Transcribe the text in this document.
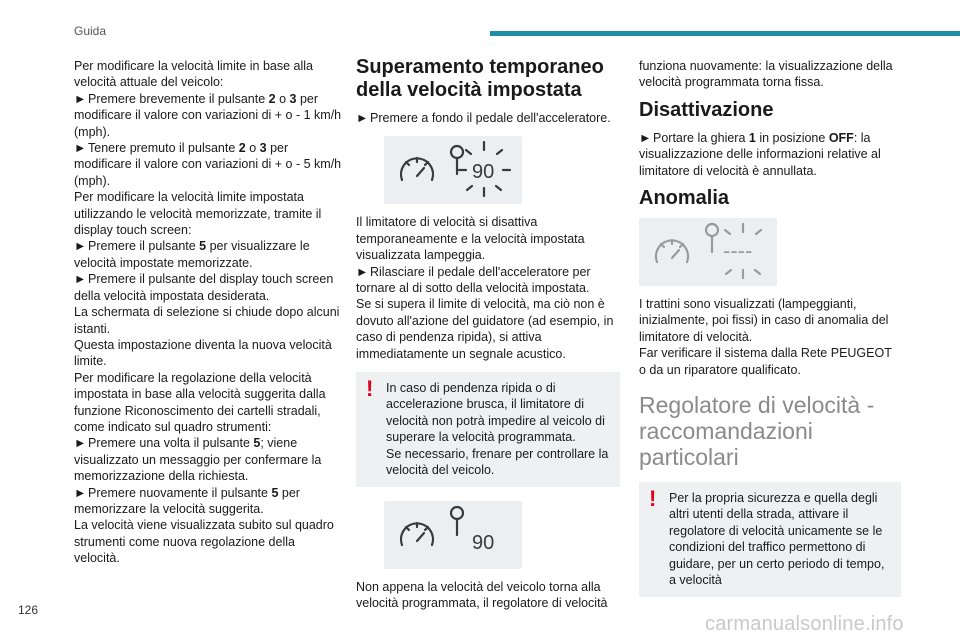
Guida

Per modificare la velocità limite in base alla velocità attuale del veicolo:

► Premere brevemente il pulsante 2 o 3 per modificare il valore con variazioni di + o - 1 km/h (mph).

► Tenere premuto il pulsante 2 o 3 per modificare il valore con variazioni di + o - 5 km/h (mph).

Per modificare la velocità limite impostata utilizzando le velocità memorizzate, tramite il display touch screen:

► Premere il pulsante 5 per visualizzare le velocità impostate memorizzate.

► Premere il pulsante del display touch screen della velocità impostata desiderata.

La schermata di selezione si chiude dopo alcuni istanti.

Questa impostazione diventa la nuova velocità limite.

Per modificare la regolazione della velocità impostata in base alla velocità suggerita dalla funzione Riconoscimento dei cartelli stradali, come indicato sul quadro strumenti:

► Premere una volta il pulsante 5; viene visualizzato un messaggio per confermare la memorizzazione della richiesta.

► Premere nuovamente il pulsante 5 per memorizzare la velocità suggerita.

La velocità viene visualizzata subito sul quadro strumenti come nuova regolazione della velocità.

Superamento temporaneo della velocità impostata

► Premere a fondo il pedale dell'acceleratore.

90

Il limitatore di velocità si disattiva temporaneamente e la velocità impostata visualizzata lampeggia.

► Rilasciare il pedale dell'acceleratore per tornare al di sotto della velocità impostata.

Se si supera il limite di velocità, ma ciò non è dovuto all'azione del guidatore (ad esempio, in caso di pendenza ripida), si attiva immediatamente un segnale acustico.

! In caso di pendenza ripida o di accelerazione brusca, il limitatore di velocità non potrà impedire al veicolo di superare la velocità programmata.

Se necessario, frenare per controllare la velocità del veicolo.

90

Non appena la velocità del veicolo torna alla velocità programmata, il regolatore di velocità

funziona nuovamente: la visualizzazione della velocità programmata torna fissa.

Disattivazione

► Portare la ghiera 1 in posizione OFF: la visualizzazione delle informazioni relative al limitatore di velocità è annullata.

Anomalia
----

I trattini sono visualizzati (lampeggianti, inizialmente, poi fissi) in caso di anomalia del limitatore di velocità.

Far verificare il sistema dalla Rete PEUGEOT o da un riparatore qualificato.

Regolatore di velocità - raccomandazioni particolari
! Per la propria sicurezza e quella degli altri utenti della strada, attivare il regolatore di velocità unicamente se le condizioni del traffico permettono di guidare, per un certo periodo di tempo, a velocità

126
carmanualsonline.info
